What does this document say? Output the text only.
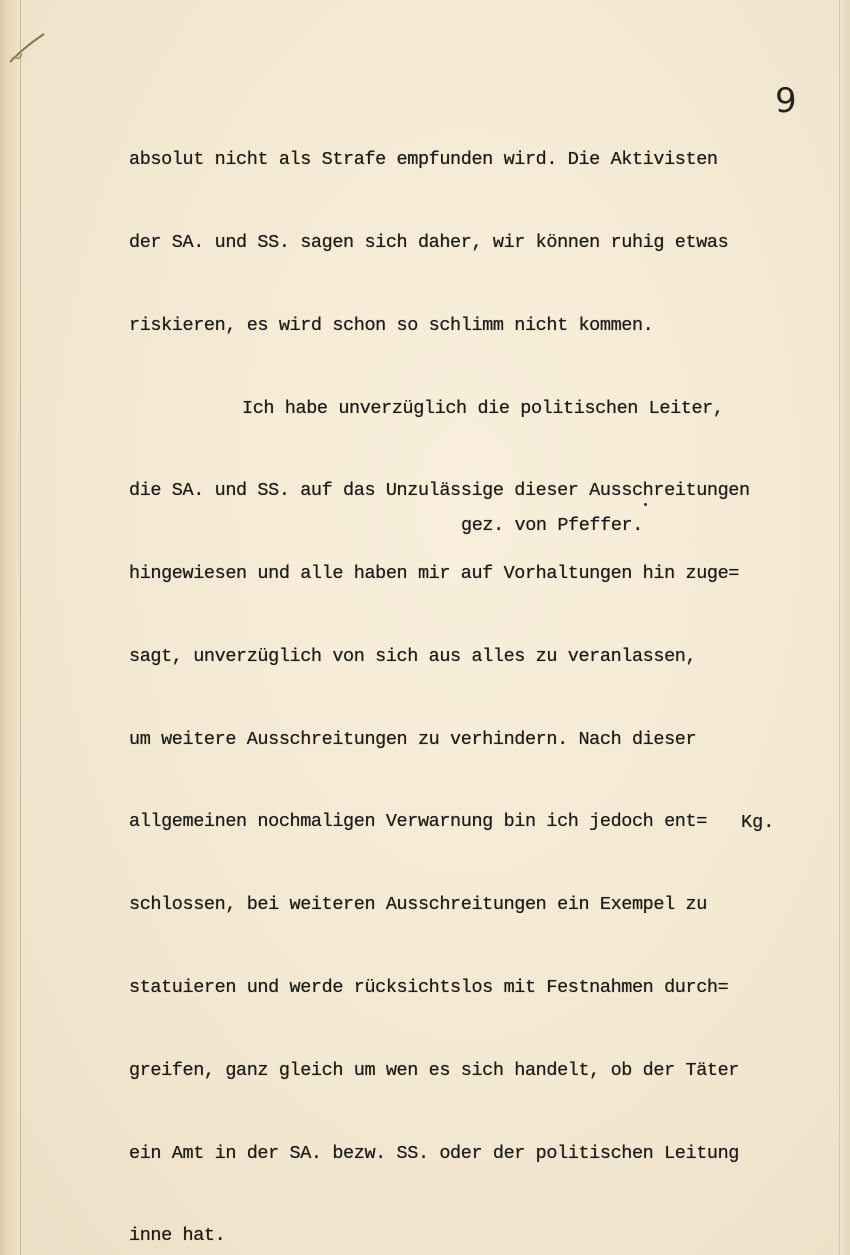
9

absolut nicht als Strafe empfunden wird. Die Aktivisten

der SA. und SS. sagen sich daher, wir können ruhig etwas

riskieren, es wird schon so schlimm nicht kommen.

Ich habe unverzüglich die politischen Leiter,

die SA. und SS. auf das Unzulässige dieser Ausschreitungen

hingewiesen und alle haben mir auf Vorhaltungen hin zuge=

sagt, unverzüglich von sich aus alles zu veranlassen,

um weitere Ausschreitungen zu verhindern. Nach dieser

allgemeinen nochmaligen Verwarnung bin ich jedoch ent=

schlossen, bei weiteren Ausschreitungen ein Exempel zu

statuieren und werde rücksichtslos mit Festnahmen durch=

greifen, ganz gleich um wen es sich handelt, ob der Täter

ein Amt in der SA. bezw. SS. oder der politischen Leitung

inne hat.

gez. von Pfeffer.
Kg.
